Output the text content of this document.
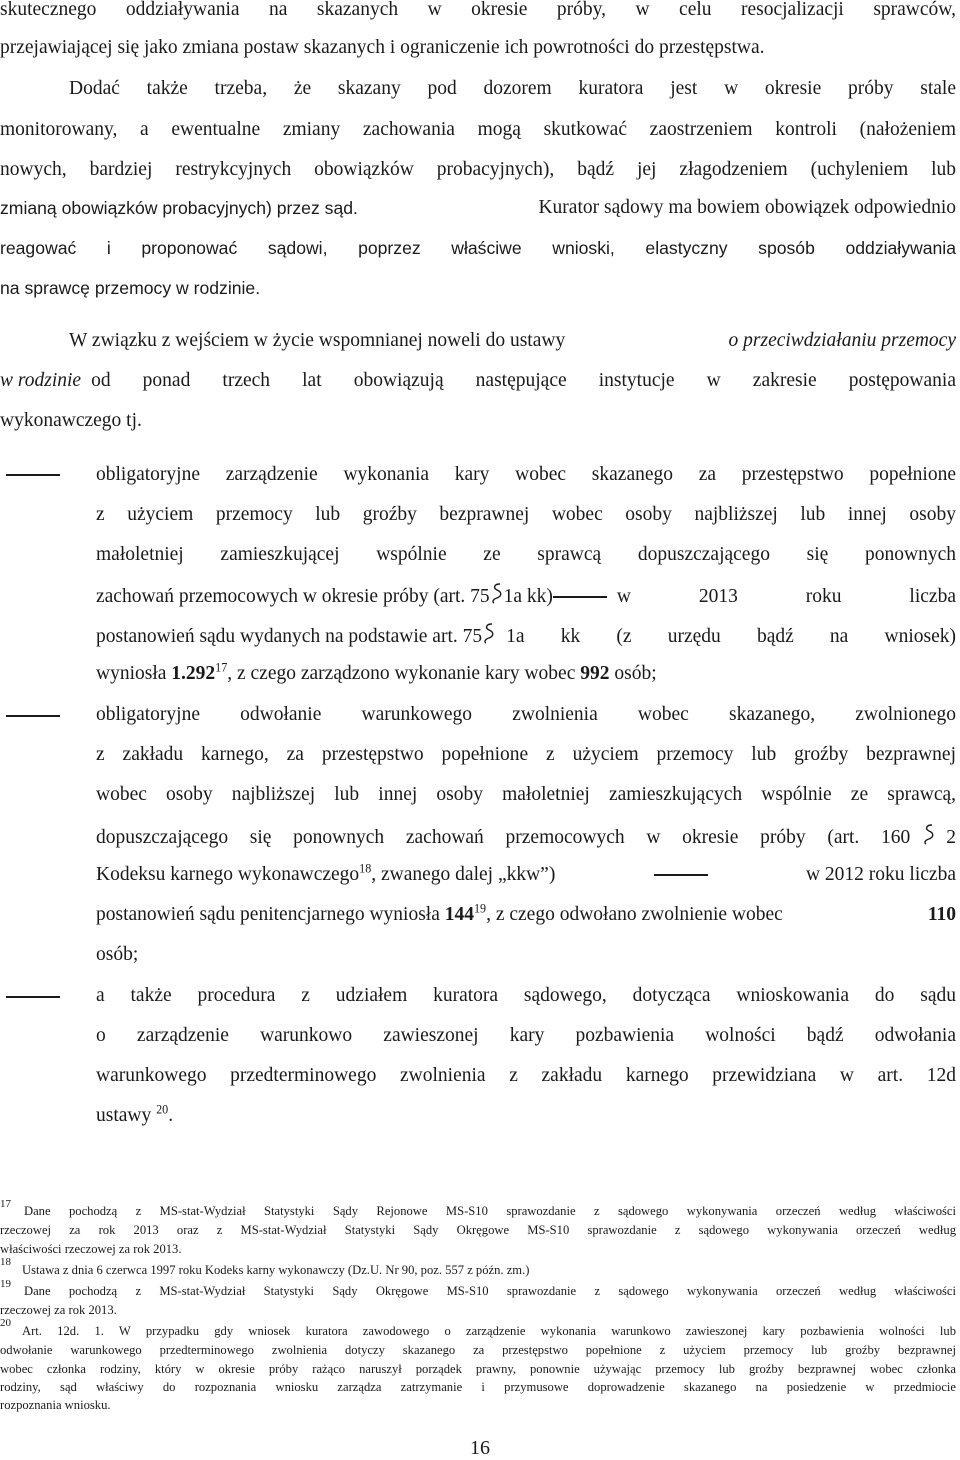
skutecznego oddziaływania na skazanych w okresie próby, w celu resocjalizacji sprawców,
przejawiającej się jako zmiana postaw skazanych i ograniczenie ich powrotności do przestępstwa.
Dodać także trzeba, że skazany pod dozorem kuratora jest w okresie próby stale
monitorowany, a ewentualne zmiany zachowania mogą skutkować zaostrzeniem kontroli (nałożeniem
nowych, bardziej restrykcyjnych obowiązków probacyjnych), bądź jej złagodzeniem (uchyleniem lub
zmianą obowiązków probacyjnych) przez sąd.	Kurator sądowy ma bowiem obowiązek odpowiednio
reagować i proponować sądowi, poprzez właściwe wnioski, elastyczny sposób oddziaływania
na sprawcę przemocy w rodzinie.
W związku z wejściem w życie wspomnianej noweli do ustawy	o przeciwdziałaniu przemocy
w rodzinie od ponad trzech lat obowiązują następujące instytucje w zakresie postępowania
wykonawczego tj.
obligatoryjne zarządzenie wykonania kary wobec skazanego za przestępstwo popełnione
z użyciem przemocy lub groźby bezprawnej wobec osoby najbliższej lub innej osoby
małoletniej zamieszkującej wspólnie ze sprawcą dopuszczającego się ponownych
zachowań przemocowych w okresie próby (art. 75 1a kk)	w 2013 roku liczba
postanowień sądu wydanych na podstawie art. 75 1a kk (z urzędu bądź na wniosek)
wyniosła 1.292$^{17}$, z czego zarządzono wykonanie kary wobec 992 osób;
obligatoryjne odwołanie warunkowego zwolnienia wobec skazanego, zwolnionego
z zakładu karnego, za przestępstwo popełnione z użyciem przemocy lub groźby bezprawnej
wobec osoby najbliższej lub innej osoby małoletniej zamieszkujących wspólnie ze sprawcą,
dopuszczającego się ponownych zachowań przemocowych w okresie próby (art. 160 2
Kodeksu karnego wykonawczego$^{18}$, zwanego dalej „kkw”)	w 2012 roku liczba
postanowień sądu penitencjarnego wyniosła $144^{19}$, z czego odwołano zwolnienie wobec	110
osób;
a także procedura z udziałem kuratora sądowego, dotycząca wnioskowania do sądu
o zarządzenie warunkowo zawieszonej kary pozbawienia wolności bądź odwołania
warunkowego przedterminowego zwolnienia z zakładu karnego przewidziana w art. 12d
ustawy $^{20}$.
17 Dane pochodzą z MS-stat-Wydział Statystyki Sądy Rejonowe MS-S10 sprawozdanie z sądowego wykonywania orzeczeń według właściwości
rzeczowej za rok 2013 oraz z MS-stat-Wydział Statystyki Sądy Okręgowe MS-S10 sprawozdanie z sądowego wykonywania orzeczeń według
właściwości rzeczowej za rok 2013.
18
Ustawa z dnia 6 czerwca 1997 roku Kodeks karny wykonawczy (Dz.U. Nr 90, poz. 557 z późn. zm.)
19 Dane pochodzą z MS-stat-Wydział Statystyki Sądy Okręgowe MS-S10 sprawozdanie z sądowego wykonywania orzeczeń według właściwości
rzeczowej za rok 2013.
20
Art. 12d. 1. W przypadku gdy wniosek kuratora zawodowego o zarządzenie wykonania warunkowo zawieszonej kary pozbawienia wolności lub
odwołanie warunkowego przedterminowego zwolnienia dotyczy skazanego za przestępstwo popełnione z użyciem przemocy lub groźby bezprawnej
wobec członka rodziny, który w okresie próby rażąco naruszył porządek prawny, ponownie używając przemocy lub groźby bezprawnej wobec członka
rodziny, sąd właściwy do rozpoznania wniosku zarządza zatrzymanie i przymusowe doprowadzenie skazanego na posiedzenie w przedmiocie
rozpoznania wniosku.
16
